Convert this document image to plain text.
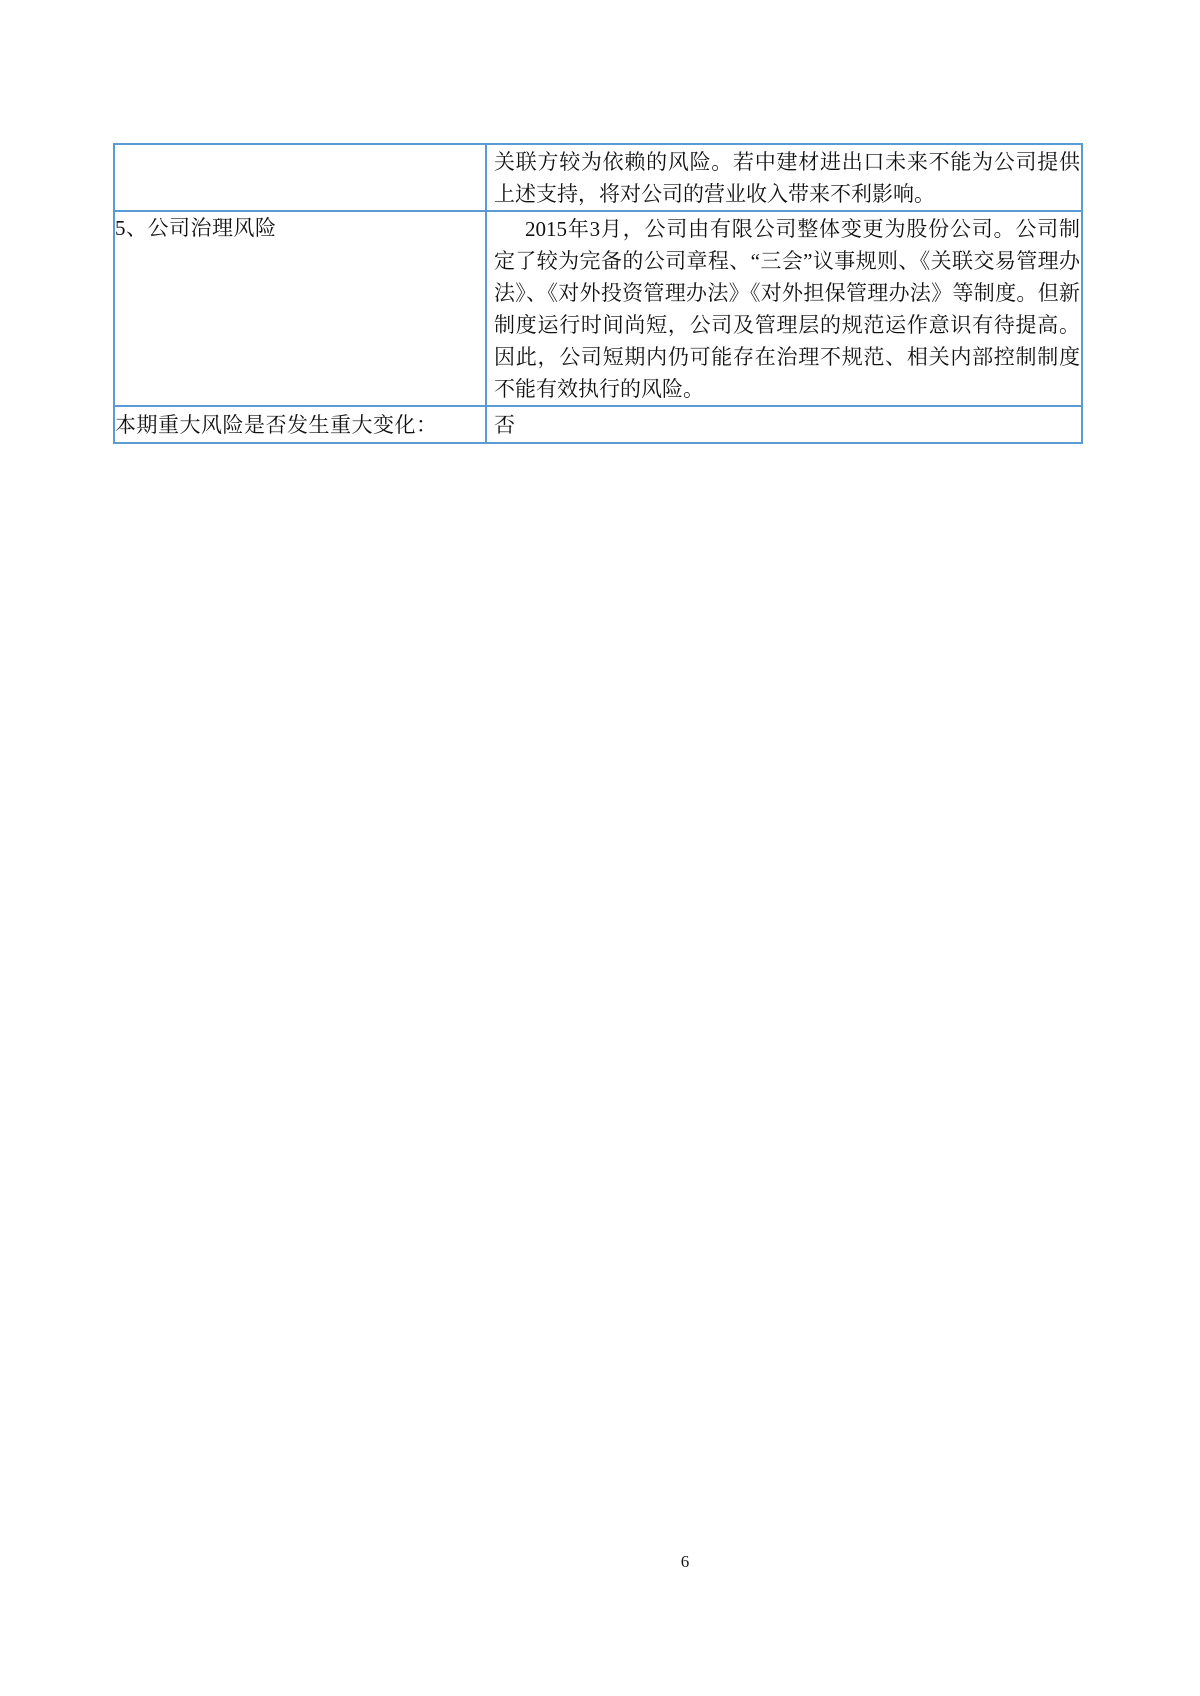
	关联方较为依赖的风险。若中建材进出口未来不能为公司提供上述支持，将对公司的营业收入带来不利影响。

5、公司治理风险	2015年3月，公司由有限公司整体变更为股份公司。公司制定了较为完备的公司章程、“三会”议事规则、《关联交易管理办法》、《对外投资管理办法》《对外担保管理办法》等制度。但新制度运行时间尚短，公司及管理层的规范运作意识有待提高。因此，公司短期内仍可能存在治理不规范、相关内部控制制度不能有效执行的风险。

本期重大风险是否发生重大变化：	否
6
